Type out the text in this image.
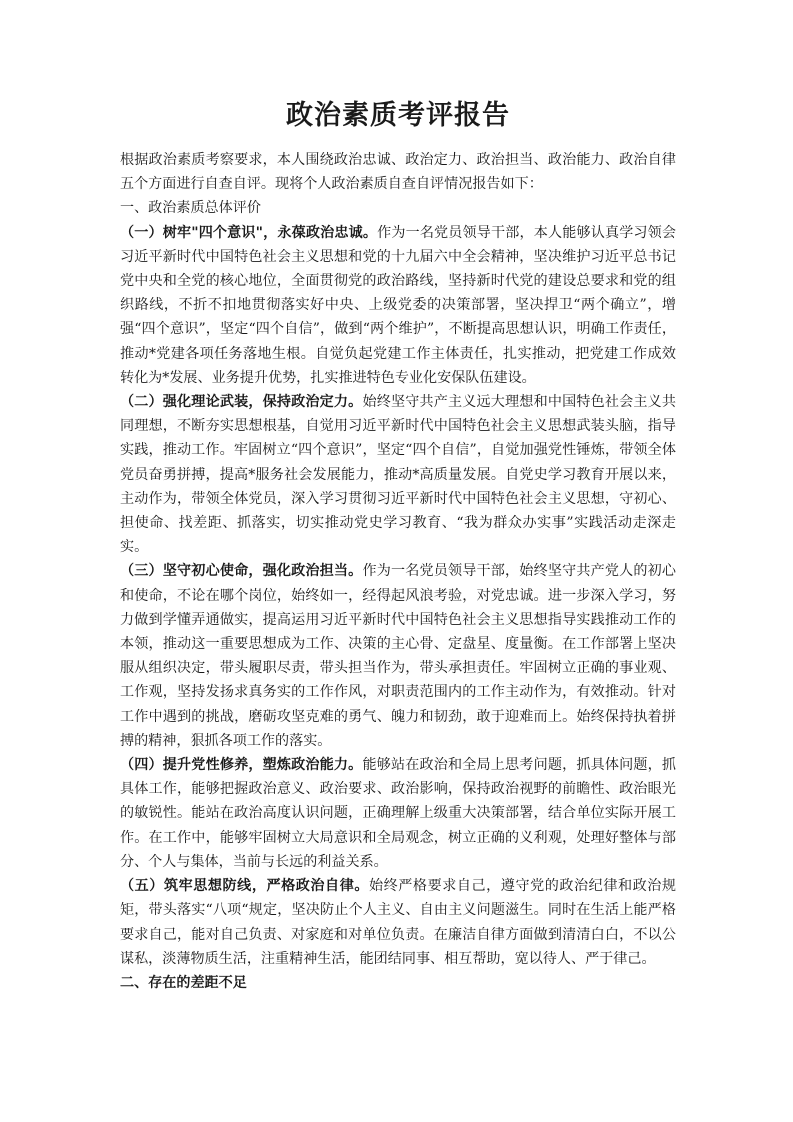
政治素质考评报告

根据政治素质考察要求，本人围绕政治忠诚、政治定力、政治担当、政治能力、政治自律五个方面进行自查自评。现将个人政治素质自查自评情况报告如下：

一、政治素质总体评价

（一）树牢"四个意识"，永葆政治忠诚。作为一名党员领导干部，本人能够认真学习领会习近平新时代中国特色社会主义思想和党的十九届六中全会精神，坚决维护习近平总书记党中央和全党的核心地位，全面贯彻党的政治路线，坚持新时代党的建设总要求和党的组织路线，不折不扣地贯彻落实好中央、上级党委的决策部署，坚决捍卫“两个确立”，增强“四个意识”，坚定“四个自信”，做到“两个维护”，不断提高思想认识，明确工作责任，推动*党建各项任务落地生根。自觉负起党建工作主体责任，扎实推动，把党建工作成效转化为*发展、业务提升优势，扎实推进特色专业化安保队伍建设。

（二）强化理论武装，保持政治定力。始终坚守共产主义远大理想和中国特色社会主义共同理想，不断夯实思想根基，自觉用习近平新时代中国特色社会主义思想武装头脑，指导实践，推动工作。牢固树立“四个意识”，坚定“四个自信”，自觉加强党性锤炼，带领全体党员奋勇拼搏，提高*服务社会发展能力，推动*高质量发展。自党史学习教育开展以来，主动作为，带领全体党员，深入学习贯彻习近平新时代中国特色社会主义思想，守初心、担使命、找差距、抓落实，切实推动党史学习教育、“我为群众办实事”实践活动走深走实。

（三）坚守初心使命，强化政治担当。作为一名党员领导干部，始终坚守共产党人的初心和使命，不论在哪个岗位，始终如一，经得起风浪考验，对党忠诚。进一步深入学习，努力做到学懂弄通做实，提高运用习近平新时代中国特色社会主义思想指导实践推动工作的本领，推动这一重要思想成为工作、决策的主心骨、定盘星、度量衡。在工作部署上坚决服从组织决定，带头履职尽责，带头担当作为，带头承担责任。牢固树立正确的事业观、工作观，坚持发扬求真务实的工作作风，对职责范围内的工作主动作为，有效推动。针对工作中遇到的挑战，磨砺攻坚克难的勇气、魄力和韧劲，敢于迎难而上。始终保持执着拼搏的精神，狠抓各项工作的落实。

（四）提升党性修养，塑炼政治能力。能够站在政治和全局上思考问题，抓具体问题，抓具体工作，能够把握政治意义、政治要求、政治影响，保持政治视野的前瞻性、政治眼光的敏锐性。能站在政治高度认识问题，正确理解上级重大决策部署，结合单位实际开展工作。在工作中，能够牢固树立大局意识和全局观念，树立正确的义利观，处理好整体与部分、个人与集体，当前与长远的利益关系。

（五）筑牢思想防线，严格政治自律。始终严格要求自己，遵守党的政治纪律和政治规矩，带头落实“八项“规定，坚决防止个人主义、自由主义问题滋生。同时在生活上能严格要求自己，能对自己负责、对家庭和对单位负责。在廉洁自律方面做到清清白白，不以公谋私，淡薄物质生活，注重精神生活，能团结同事、相互帮助，宽以待人、严于律己。

二、存在的差距不足
